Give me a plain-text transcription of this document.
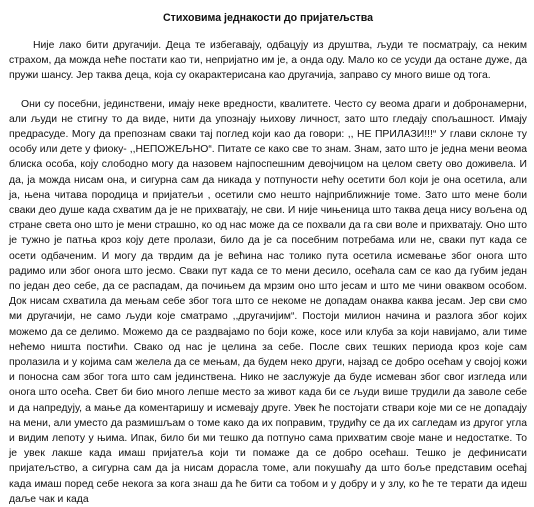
Стиховима једнакости до пријатељства

Није лако бити другачији. Деца те избегавају, одбацују из друштва, људи те посматрају, са неким страхом, да можда нећe постати као ти, непријатно им je, a онда оду. Мало ко се усуди да остане дуже, да пружи шансу. Јер таква деца, која су окарактерисана као другачија, заправо су много више од тога.

Они су посебни, јединствени, имају неке вредности, квалитете. Често су веома драги и добронамерни, али људи не стигну то да виде, нити да упознају њихову личност, зато што гледају спољашност. Имају предрасуде. Могу да препознам сваки тај поглед који као да говори: ,, НЕ ПРИЛАЗИ!!!“ У глави склоне ту особу или дете у фиоку- ,,НЕПОЖЕЉНО“. Питате се како све то знам. Знам, зато што је једна мени веома блиска особа, коју слободно могу да назовем најпоспешним дeвојчицом на целом свету ово доживела. И да, ја можда нисам она, и сигурна сам да никада у потпуности нећу осетити бол који је она осетила, али ја, њена читава породица и пријатељи , осетили смо нешто најприближније томе. Зато што мене боли сваки део душе када схватим да је не прихватају, не сви. И није чињеница што таква деца нису вољена од стране света оно што је мени страшно, ко од нас може да се похвали да га сви воле и прихватају. Оно што је тужно је патња кроз коју дете пролази, било да је са посебним потребама или не, сваки пут када се осети одбаченим. И могу да тврдим да је већина нас толико пута осетила исмевање због онога што радимо или због онога што јесмо. Сваки пут када се то мени десило, осећала сам се као да губим један по један део себе, да се распадам, да почињем да мрзим оно што јесам и што ме чини оваквом особом. Док нисам схватила да мењам себе због тога што се некоме не допадам онаква каква јесам. Јер сви смо ми другачији, не само људи које сматрамо ,,другачијим“. Постоји милион начина и разлога због којих можемо да се делимо. Можемо да се раздвајамо по боји коже, косе или клуба за који навијамо, али тиме нећемо ништа постићи. Свако од нас је целина за себе. После свих тешких периода кроз које сам пролазила и у којима сам желела да се мењам, да будем неко други, најзад се добро осећам у својој кожи и поносна сам због тога што сам јединствена. Нико не заслужује да буде исмеван због свог изгледа или онога што осећа. Свет би био много лепше место за живот када би се људи више трудили да заволе себе и да напредују, а мање да коментаришу и исмевају друге. Увек ће постојати ствари које ми се не допадају на мени, али уместо да размишљам о томе како да их поправим, трудићу се да их сагледам из другог угла и видим лепоту у њима. Ипак, било би ми тешко да потпуно сама прихватим своје мане и недостатке. То је увек лакше када имаш пријатеља који ти помаже да се добро осећаш. Тешко је дефинисати пријатељство, а сигурна сам да ја нисам дорасла томе, али покушаћу да што боље представим осећај када имаш поред себе некога за кога знаш да ће бити са тобом и у добру и у злу, ко ће те терати да идеш даље чак и када
